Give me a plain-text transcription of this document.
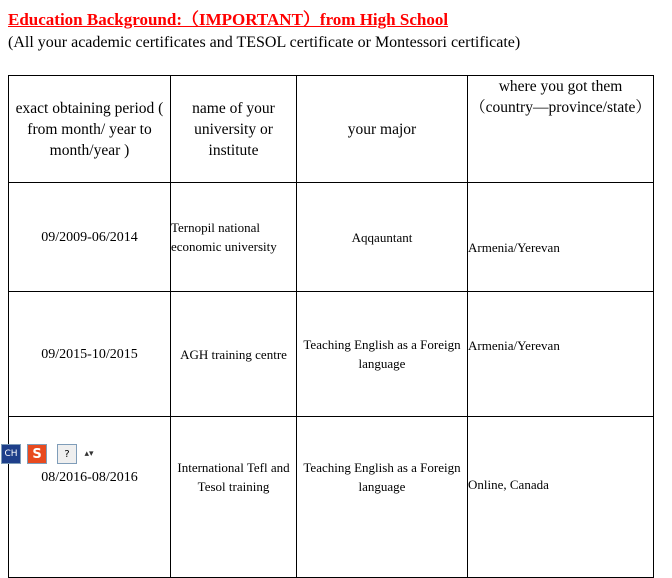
Education Background:（IMPORTANT）from High School
(All your academic certificates and TESOL certificate or Montessori certificate)
exact obtaining period ( from month/ year to month/year )	name of your university or institute	your major	where you got them （country—province/state）
09/2009-06/2014	Ternopil national economic university	Aqqauntant	Armenia/Yerevan
09/2015-10/2015	AGH training centre	Teaching English as a Foreign language	Armenia/Yerevan
08/2016-08/2016	International Tefl and Tesol training	Teaching English as a Foreign language	Online, Canada
CH S ? ▴▾
